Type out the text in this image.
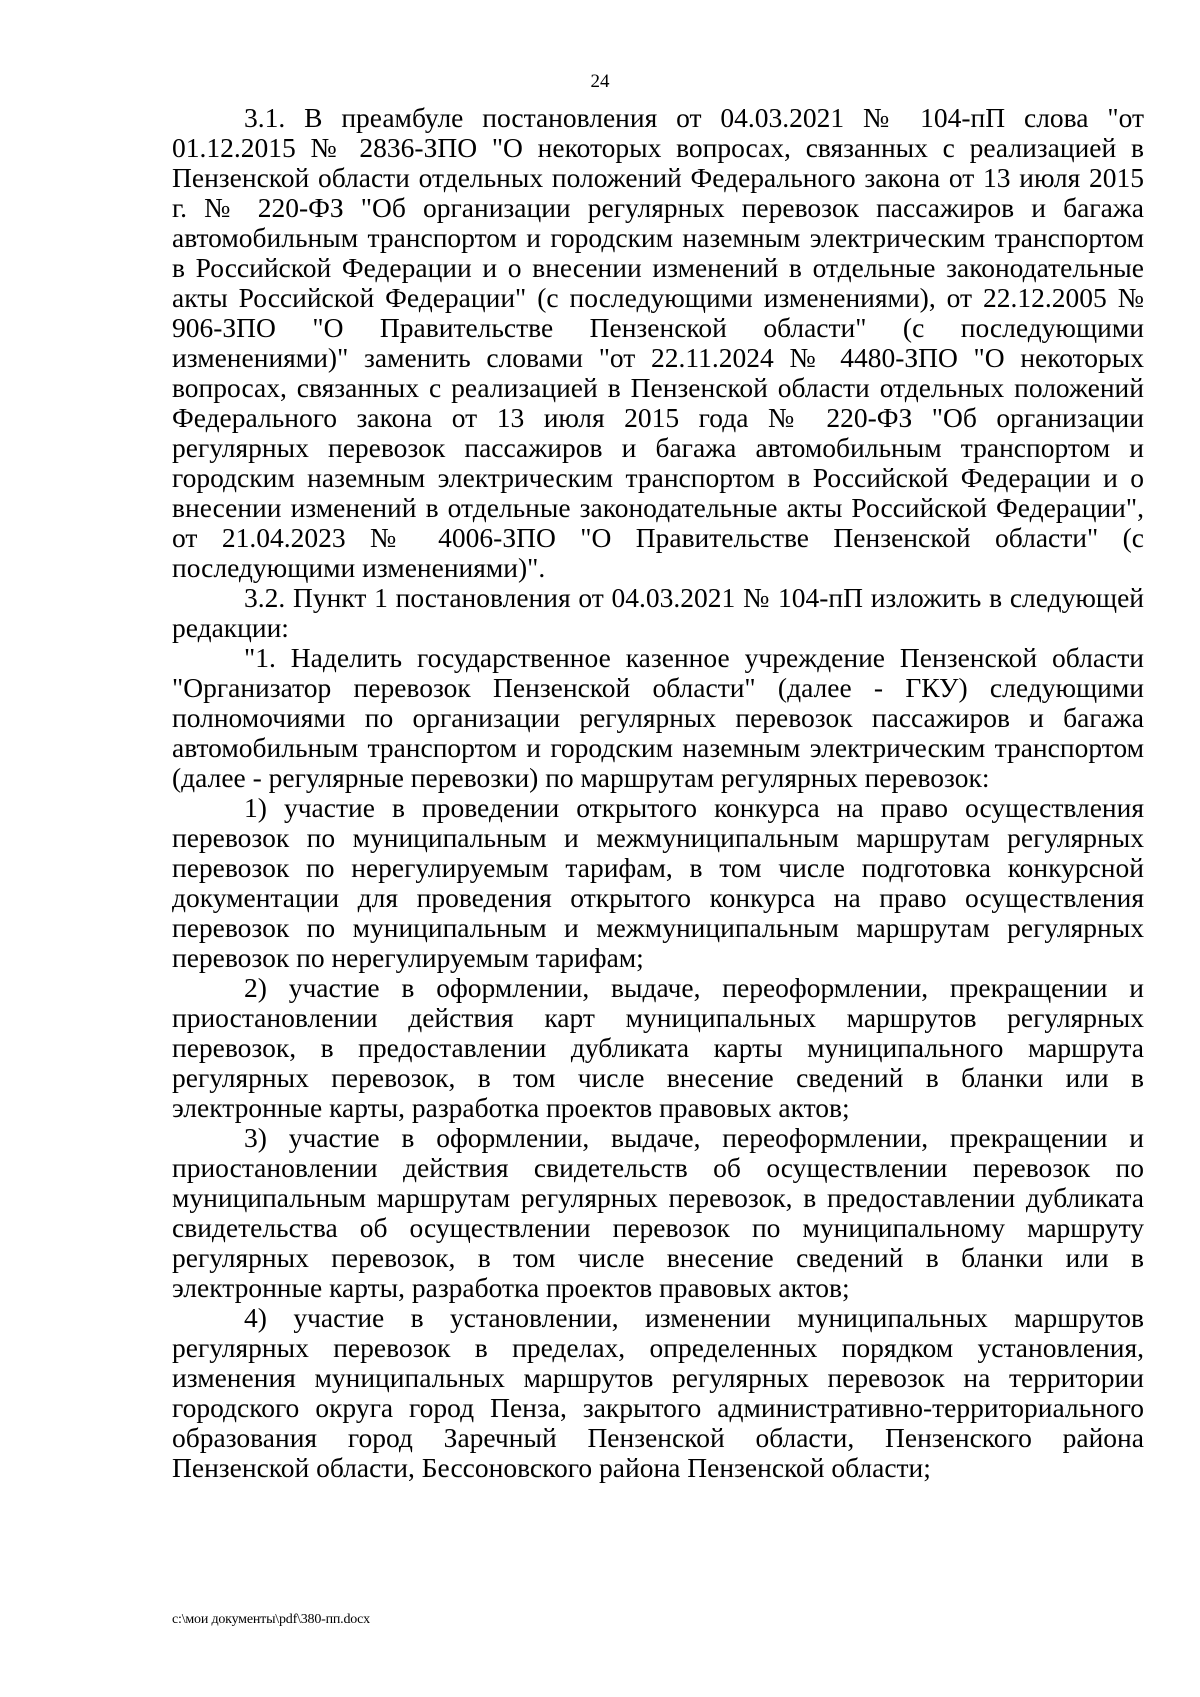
24

3.1. В преамбуле постановления от 04.03.2021 № 104-пП слова "от 01.12.2015 № 2836-ЗПО "О некоторых вопросах, связанных с реализацией в Пензенской области отдельных положений Федерального закона от 13 июля 2015 г. № 220-ФЗ "Об организации регулярных перевозок пассажиров и багажа автомобильным транспортом и городским наземным электрическим транспортом в Российской Федерации и о внесении изменений в отдельные законодательные акты Российской Федерации" (с последующими изменениями), от 22.12.2005 № 906-ЗПО "О Правительстве Пензенской области" (с последующими изменениями)" заменить словами "от 22.11.2024 № 4480-ЗПО "О некоторых вопросах, связанных с реализацией в Пензенской области отдельных положений Федерального закона от 13 июля 2015 года № 220-ФЗ "Об организации регулярных перевозок пассажиров и багажа автомобильным транспортом и городским наземным электрическим транспортом в Российской Федерации и о внесении изменений в отдельные законодательные акты Российской Федерации", от 21.04.2023 № 4006-ЗПО "О Правительстве Пензенской области" (с последующими изменениями)".

3.2. Пункт 1 постановления от 04.03.2021 № 104-пП изложить в следующей редакции:

"1. Наделить государственное казенное учреждение Пензенской области "Организатор перевозок Пензенской области" (далее - ГКУ) следующими полномочиями по организации регулярных перевозок пассажиров и багажа автомобильным транспортом и городским наземным электрическим транспортом (далее - регулярные перевозки) по маршрутам регулярных перевозок:

1) участие в проведении открытого конкурса на право осуществления перевозок по муниципальным и межмуниципальным маршрутам регулярных перевозок по нерегулируемым тарифам, в том числе подготовка конкурсной документации для проведения открытого конкурса на право осуществления перевозок по муниципальным и межмуниципальным маршрутам регулярных перевозок по нерегулируемым тарифам;

2) участие в оформлении, выдаче, переоформлении, прекращении и приостановлении действия карт муниципальных маршрутов регулярных перевозок, в предоставлении дубликата карты муниципального маршрута регулярных перевозок, в том числе внесение сведений в бланки или в электронные карты, разработка проектов правовых актов;

3) участие в оформлении, выдаче, переоформлении, прекращении и приостановлении действия свидетельств об осуществлении перевозок по муниципальным маршрутам регулярных перевозок, в предоставлении дубликата свидетельства об осуществлении перевозок по муниципальному маршруту регулярных перевозок, в том числе внесение сведений в бланки или в электронные карты, разработка проектов правовых актов;

4) участие в установлении, изменении муниципальных маршрутов регулярных перевозок в пределах, определенных порядком установления, изменения муниципальных маршрутов регулярных перевозок на территории городского округа город Пенза, закрытого административно-территориального образования город Заречный Пензенской области, Пензенского района Пензенской области, Бессоновского района Пензенской области;

c:\мои документы\pdf\380-пп.docx
